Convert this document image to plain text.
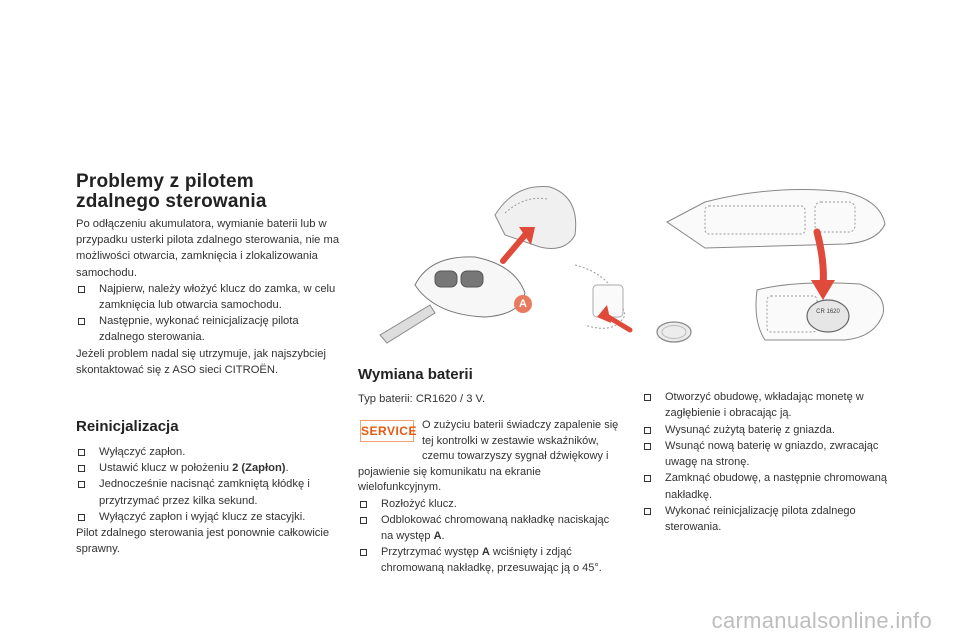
Problemy z pilotem zdalnego sterowania

Po odłączeniu akumulatora, wymianie baterii lub w przypadku usterki pilota zdalnego sterowania, nie ma możliwości otwarcia, zamknięcia i zlokalizowania samochodu.

Najpierw, należy włożyć klucz do zamka, w celu zamknięcia lub otwarcia samochodu.
Następnie, wykonać reinicjalizację pilota zdalnego sterowania.

Jeżeli problem nadal się utrzymuje, jak najszybciej skontaktować się z ASO sieci CITROËN.

Reinicjalizacja
Wyłączyć zapłon.
Ustawić klucz w położeniu 2 (Zapłon).
Jednocześnie nacisnąć zamkniętą kłódkę i przytrzymać przez kilka sekund.
Wyłączyć zapłon i wyjąć klucz ze stacyjki.

Pilot zdalnego sterowania jest ponownie całkowicie sprawny.

Wymiana baterii
Typ baterii: CR1620 / 3 V.
SERVICE O zużyciu baterii świadczy zapalenie się tej kontrolki w zestawie wskaźników, czemu towarzyszy sygnał dźwiękowy i pojawienie się komunikatu na ekranie wielofunkcyjnym.
Rozłożyć klucz.
Odblokować chromowaną nakładkę naciskając na występ A.
Przytrzymać występ A wciśnięty i zdjąć chromowaną nakładkę, przesuwając ją o 45°.
Otworzyć obudowę, wkładając monetę w zagłębienie i obracając ją.
Wysunąć zużytą baterię z gniazda.
Wsunąć nową baterię w gniazdo, zwracając uwagę na stronę.
Zamknąć obudowę, a następnie chromowaną nakładkę.
Wykonać reinicjalizację pilota zdalnego sterowania.
A
CR 1620
carmanualsonline.info
